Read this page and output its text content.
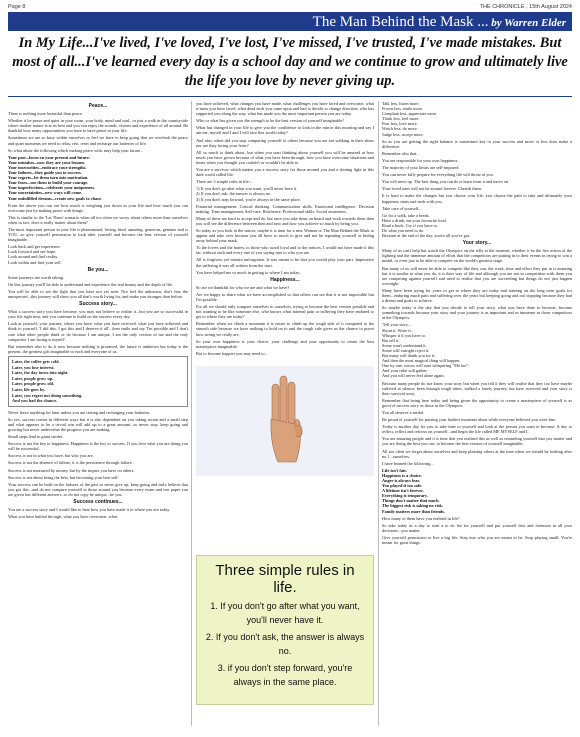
Page 8	THE CHRONICLE , 15th August 2024
The Man Behind the Mask ... by Warren Elder
In My Life...I've lived, I've loved, I've lost, I've missed, I've trusted, I've made mistakes. But most of all...I've learned every day is a school day and we continue to grow and ultimately live the life you love by never giving up.
Peace...

There is nothing more beautiful than peace.

Whether it be peace and quiet in your room, your body, mind and soul...or just a walk in the countryside where mother nature is at its best and you can enjoy the sounds, visions and experience of all around. Be thankful how many opportunities you have to have peace in your life.

Sometimes we are so busy within ourselves or feel we have to keep going that we overlook the peace and quiet moments we need to relax, rest, reset and recharge our batteries of life.

So what about the following which making peace with, may help your future...

Your past...focus on your present and future.
Your mistakes...now they are your lessons.
Your insecurities...embrace your strengths.
Your failures...they guide you to success.
Your regrets...let them turn into motivation.
Your fears...use them to build your courage.
Your imperfections...celebrate your uniqueness.
Your uncertainties...new ways will come.
Your unfulfilled dreams...create new goals to chase.

From the above you can see how much is weighing you down in your life and how much you can overcome just by making peace with things.

This is similar to the 'Let Them' scenario when all too often we worry about others more than ourselves when in fact, does it really matter about them?

The most important person in your life is phenomenal, loving, kind, amazing, generous, genuine and is YOU...so give yourself permission to look after yourself and become the best version of yourself imaginable.

Look back and get experience.
Look forward and see hope.
Look around and find reality.
Look within and find your self.
Be you...

Some journeys are worth taking.

On this journey you'll be able to understand and experience the real beauty and the depth of life.

You will be able to see the light that you have not yet seen. Not feel the unknown, don't fear the unexpected...this journey will show you all that's worth living for, and make you stronger than before.

Success story...

What a success story you have become, you may not believe or realise it...but you are so successful in your life right now, and you continue to build on the success every day.

Look at yourself, your journey, where you have, what you have received, what you have achieved and think to yourself, 'I did this, I got this and I deserve it all'...then smile and say 'I'm possible and I don't care what other people think or do because I am unique, I am the only version of me and the only competitor I am facing is myself'.

But remember also to do it now because nothing is promised, the future is unknown but today is the present, the greatest gift imaginable to each and everyone of us.

Later, the coffee gets cold.
Later, you lose interest.
Later, the day turns into night.
Later, people grow up.
Later, people grow old.
Later, life goes by.
Later, you regret not doing something.
And you had the chance.

Never leave anything for later unless you are resting and recharging your batteries.

So yes, success comes in different ways but it is also dependent on you taking action and a small step and what appears to be a trivial win will add up to a great amount...so never stop, keep going and growing but never undervalue the progress you are making.

Small steps lead to giant strides.

Success is not the key to happiness. Happiness is the key to success. If you love what you are doing you will be successful.

Success is not in what you have, but who you are.

Success is not the absence of failure, it is the persistence through failure.

Success is not measured by money, but by the impact you have on others.

Success is not about being the best, but becoming your best self.

Your success can be built on the failures of the past so never give up, keep going and truly believe that you got this...and do not compare yourself to those around you because every exam and test paper you are given has different answers, so do not copy be unique...be you.

Success continues...

You are a success story and I would like to hear how you have made it to where you are today.

What you have battled through, what you have overcome, what

you have achieved, what changes you have made, what challenges you have faced and overcome, what u-turns you have faced, what dead ends you came upon and had to decide to change direction, who has supported you along the way, what has made you the most important person you are today.

Who or what has given you the strength to be the best version of yourself imaginable?

What has changed in your life to give you the confidence to look in the mirror this morning and say I am me, myself and I and I will face this world today?

And also, when did you stop comparing yourself to others because you are not walking in their shoes nor are they facing your fears?

All so much to think about, but when you start thinking about yourself you will be amazed at how much you have grown because of what you have been through, how you have overcome situations and times when you thought you couldn't or wouldn't be able to.

You are a survivor which makes you a success story for those around you and a shining light in this dark world called life.

There are 3 simple rules in life...

1) If you don't go after what you want, you'll never have it.
2) If you don't ask, the answer is always no.
3) If you don't step forward, you're always in the same place.

Financial management. Critical thinking. Communication skills. Emotional intelligence. Decision making. Time management. Self-care. Resilience. Professional skills. Social awareness.

Many of these are hard to accept and do, but once you take them on board and work towards them then you will see the difference between then and now and how you achieve so much by being you.

So today as you look in the mirror, maybe it is time for a new Woman or The Man Behind the Mask to appear and take over because you all have so much to give and not be repeating yourself or hiding away behind your mask.

To the lovers and the haters, to those who stood loyal and to the traitors, I would not have made it this far, without each and every one of you saying true to who you are.

All is forgiven, yet remain unforgotten. It was meant to be that you would play your part. Imperative the suffering it was all written from the start.

You have helped me so much in getting to where I am today.

Happiness...

So are we thankful for who we are and what we have?

Are we happy to share what we have accomplished so that others can see that it is not impossible but I'm possible.

For all we should only compare ourselves to ourselves, trying to become the best version possible and not wanting to be like someone else, who knows what internal pain or suffering they have endured to get to where they are today?

Remember when we climb a mountain it is easier to climb up the rough side of it compared to the smooth side because we have nothing to hold on to and the rough side gives us the chance to prove how strong we really are.

So your own happiness is your choice, your challenge and your opportunity to create the best masterpiece imaginable.

But to become happier you may need to...

Three simple rules in life.
1. If you don't go after what you want, you'll never have it.
2. If you don't ask, the answer is always no.
3. if you don't step forward, you're always in the same place.
Talk less, listen more.
Frown less, smile more.
Complain less, appreciate more.
Think less, feel more.
Fear less, love more.
Watch less, do more.
Judge less, accept more.

So as you are getting the right balance is sometimes key to your success and more or less does make a difference.

Remember also that...

You are responsible for your own happiness.

The majority of your limits are self-imposed.

You can never fully prepare for everything life will throw at you.

You will mess up. The best thing you can do is learn from it and move on.

Your loved ones will not be around forever. Cherish them.

It is hard to make the changes but you choose your life, you choose the path to take and ultimately your happiness starts and ends with you.

Take care of yourself...

Go for a walk, take a break.
Have a drink, eat your favourite food.
Read a book. Cry if you have to.
Do what you need to do.
Because at the end of the day, you're all you've got.
Your story...

Many of us can't help but watch the Olympics on the telly at the moment, whether it be the live action of the fighting and the immense amount of effort that the competitors are putting in to their events in trying to win a medal, or even just to be able to compete on the world's greatest stage.

But many of us will never be able to compete like they can, the work, time and effort they put in is amazing but it is similar to what you do, it is their way of life and although you are not in competition with them you are competing against yourself and need to realise that you are succeeding but things do not just happen overnight.

Many have been trying for years to get to where they are today and training on the long term goals for them...enduring much pain and suffering over the years but keeping going and not stopping because they had a dream and goals to achieve.

So maybe today is the day that you decide to tell your story, what you have done to become, become something towards because your story and your journey is as important and as immense as those competitors at the Olympics.

'Tell your story...
Shout it. Write it.
Whisper it if you have to.
But tell it.
Some won't understand it.
Some will outright reject it.
But many will thank you for it.
And then the most magical thing will happen.
One by one, voices will start whispering "Me too".
And your tribe will gather.
And you will never feel alone again.

Because many people do not know your story but when you tell it they will realise that they too have maybe suffered in silence, been through tough times, walked a lonely journey, but have survived and your story is their survival story.

Remember that being here today and being given the opportunity to create a masterpiece of yourself is as good of success story as those in the Olympics.

You all deserve a medal.

Be proud of yourself for passing your hardest moments alone while everyone believed you were fine.

Today is another day for you to take time to yourself and look at the person you want to become. A day to reflect, reflect and refocus on yourself...and begin the life called ME MYSELF and I.

You are amazing people and it is time that you realised this as well as reminding yourself that you matter and you are doing the best you can, to become the best version of yourself imaginable.

All too often we forget about ourselves and keep pleasing others at the time when we should be looking after no.1...ourselves.

I have learned the following...

Life isn't fair.
Happiness is a choice.
Anger is always fear.
You played it too safe.
A lifetime isn't forever.
Everything is temporary.
Things don't matter that much.
The biggest risk is taking no risk.
Family matters more than friends.

How many of them have you realised in life?

So take today as a day to start a to do list for yourself and put yourself first and foremost in all your decisions...you matter.

Give yourself permission to live a big life. Step into who you are meant to be. Stop playing small. You're meant for great things.
